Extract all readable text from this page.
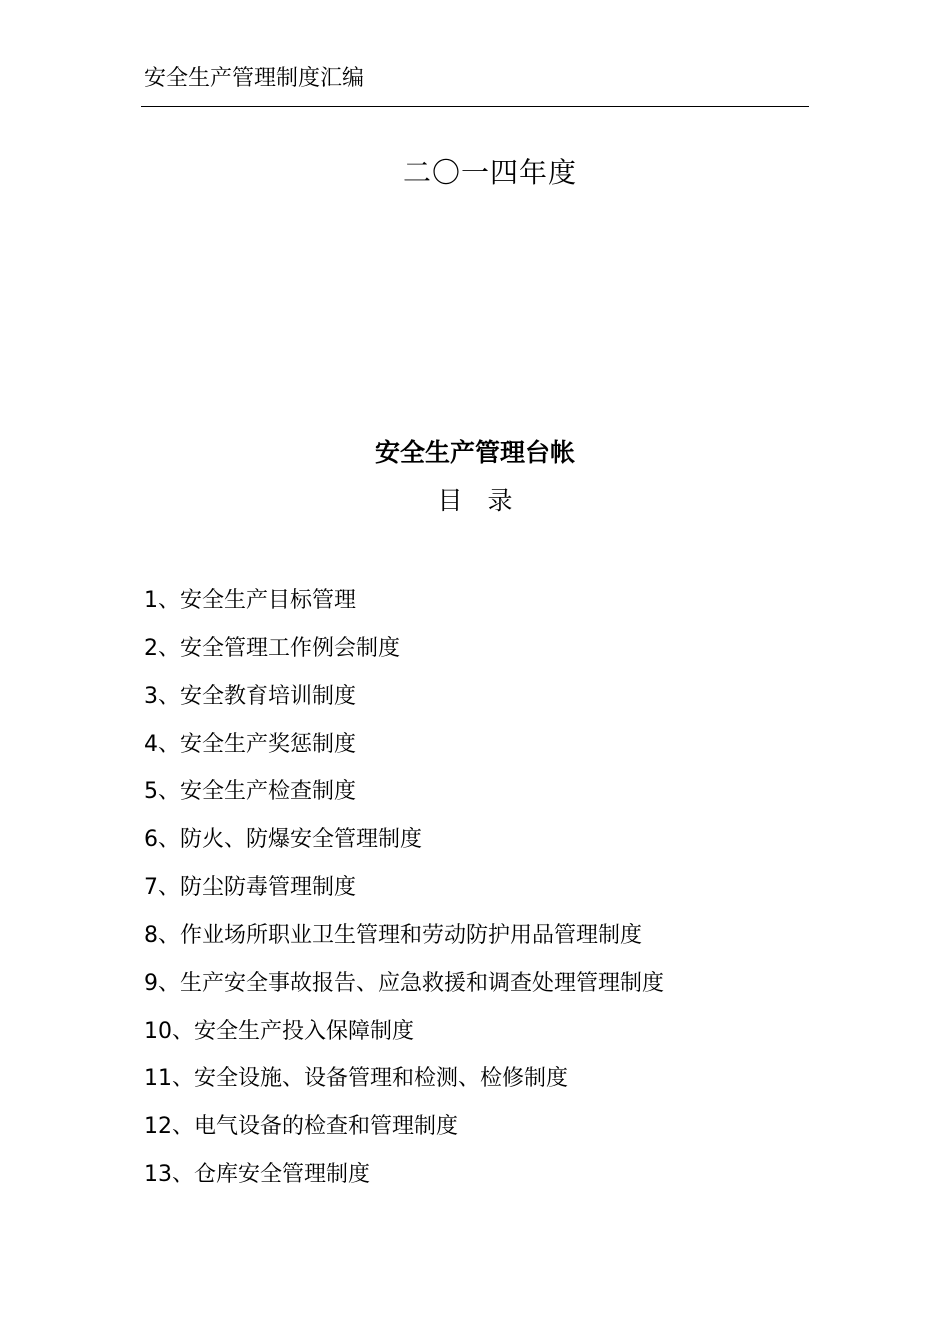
安全生产管理制度汇编
二〇一四年度
安全生产管理台帐
目　录
1、安全生产目标管理
2、安全管理工作例会制度
3、安全教育培训制度
4、安全生产奖惩制度
5、安全生产检查制度
6、防火、防爆安全管理制度
7、防尘防毒管理制度
8、作业场所职业卫生管理和劳动防护用品管理制度
9、生产安全事故报告、应急救援和调查处理管理制度
10、安全生产投入保障制度
11、安全设施、设备管理和检测、检修制度
12、电气设备的检查和管理制度
13、仓库安全管理制度
